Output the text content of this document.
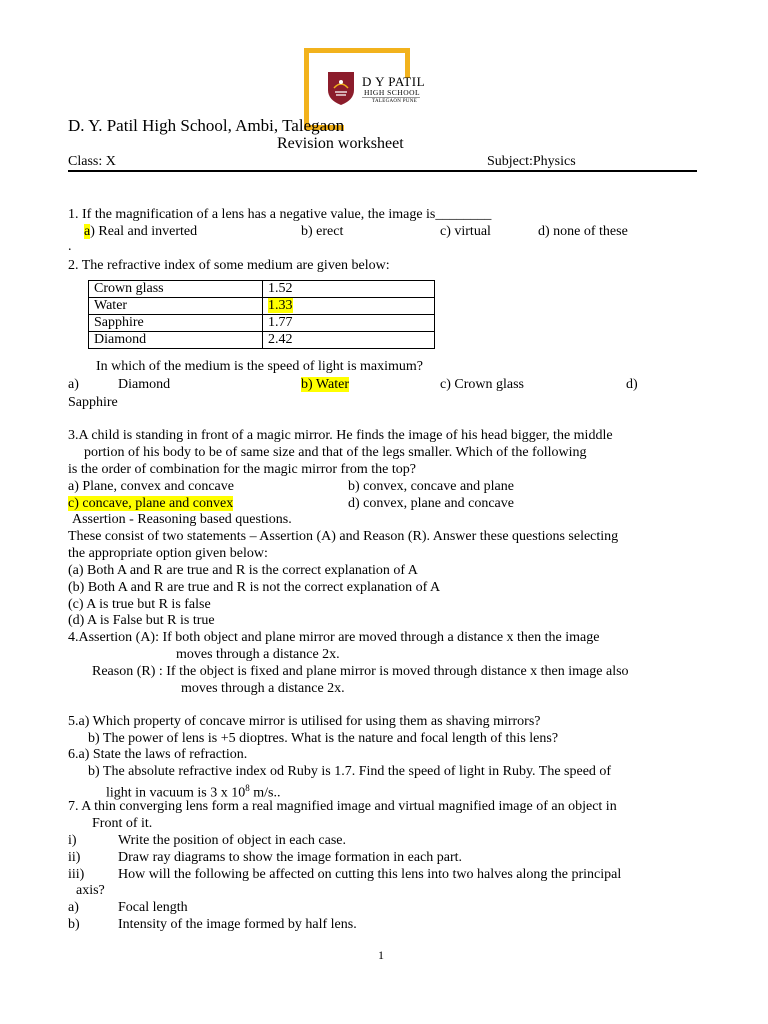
D Y PATIL
HIGH SCHOOL
TALEGAON PUNE
D. Y. Patil High School, Ambi, Talegaon
Revision worksheet
Class: X	Subject:Physics
1. If the magnification of a lens has a negative value, the image is________
a) Real and inverted	b) erect	c) virtual	d) none of these
.
2. The refractive index of some medium are given below:
Crown glass	1.52
Water	1.33
Sapphire	1.77
Diamond	2.42
In which of the medium is the speed of light is maximum?
a)	Diamond	b) Water	c) Crown glass	d)
Sapphire
3.A child is standing in front of a magic mirror. He finds the image of his head bigger, the middle
portion of his body to be of same size and that of the legs smaller. Which of the following
is the order of combination for the magic mirror from the top?
a) Plane, convex and concave	b) convex, concave and plane
c) concave, plane and convex	d) convex, plane and concave
Assertion - Reasoning based questions.
These consist of two statements – Assertion (A) and Reason (R). Answer these questions selecting
the appropriate option given below:
(a) Both A and R are true and R is the correct explanation of A
(b) Both A and R are true and R is not the correct explanation of A
(c) A is true but R is false
(d) A is False but R is true
4.Assertion (A): If both object and plane mirror are moved through a distance x then the image
moves through a distance 2x.
Reason (R) : If the object is fixed and plane mirror is moved through distance x then image also
moves through a distance 2x.
5.a) Which property of concave mirror is utilised for using them as shaving mirrors?
b) The power of lens is +5 dioptres. What is the nature and focal length of this lens?
6.a) State the laws of refraction.
b) The absolute refractive index od Ruby is 1.7. Find the speed of light in Ruby. The speed of
light in vacuum is 3 x $10^8$ m/s..
7. A thin converging lens form a real magnified image and virtual magnified image of an object in
Front of it.
i)	Write the position of object in each case.
ii)	Draw ray diagrams to show the image formation in each part.
iii) How will the following be affected on cutting this lens into two halves along the principal
axis?
a)	Focal length
b)	Intensity of the image formed by half lens.
1
